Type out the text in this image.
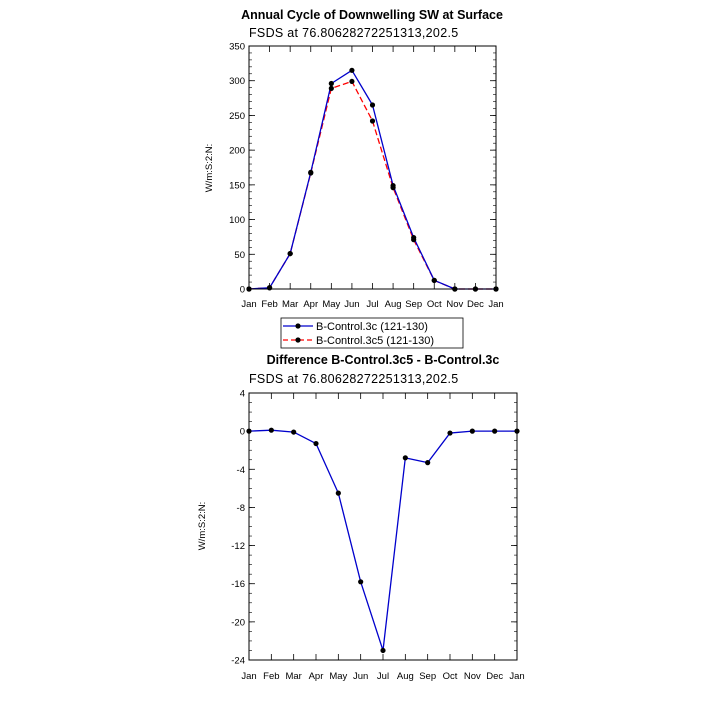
Annual Cycle of Downwelling SW at Surface
FSDS at 76.80628272251313,202.5
W/m:S:2:N:
Jan Feb Mar Apr May Jun Jul Aug Sep Oct Nov Dec Jan
0
50
100
150
200
250
300
350
B-Control.3c (121-130)
B-Control.3c5 (121-130)
Difference B-Control.3c5 - B-Control.3c
FSDS at 76.80628272251313,202.5
W/m:S:2:N:
Jan Feb Mar Apr May Jun Jul Aug Sep Oct Nov Dec Jan
4
0
-4
-8
-12
-16
-20
-24
